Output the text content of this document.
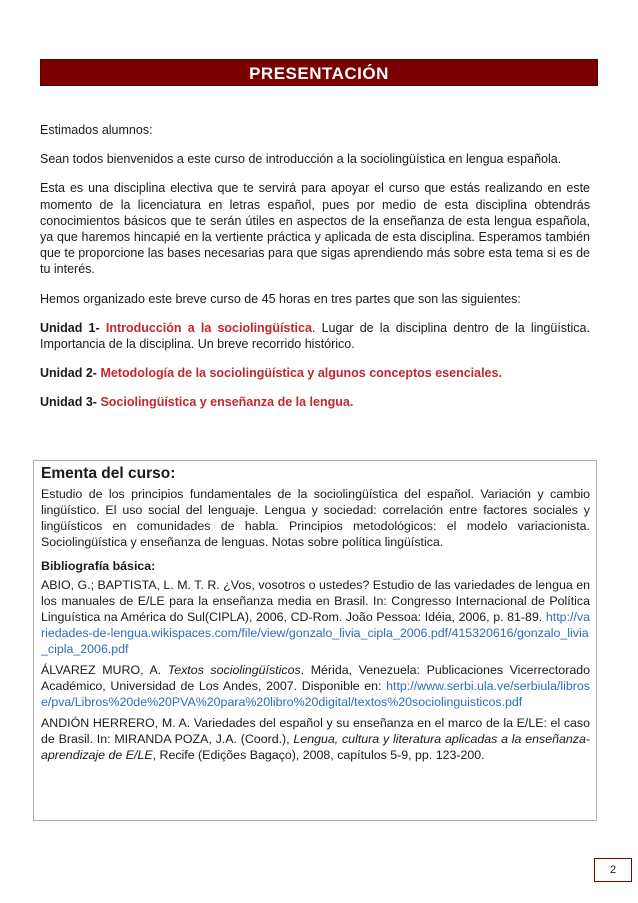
PRESENTACIÓN

Estimados alumnos:

Sean todos bienvenidos a este curso de introducción a la sociolingüística en lengua española.

Esta es una disciplina electiva que te servirá para apoyar el curso que estás realizando en este momento de la licenciatura en letras español, pues por medio de esta disciplina obtendrás conocimientos básicos que te serán útiles en aspectos de la enseñanza de esta lengua española, ya que haremos hincapié en la vertiente práctica y aplicada de esta disciplina. Esperamos también que te proporcione las bases necesarias para que sigas aprendiendo más sobre esta tema si es de tu interés.

Hemos organizado este breve curso de 45 horas en tres partes que son las siguientes:

Unidad 1- Introducción a la sociolingüística. Lugar de la disciplina dentro de la lingüística. Importancia de la disciplina. Un breve recorrido histórico.

Unidad 2- Metodología de la sociolingüística y algunos conceptos esenciales.

Unidad 3- Sociolingüística y enseñanza de la lengua.

Ementa del curso:

Estudio de los principios fundamentales de la sociolingüística del español. Variación y cambio lingüístico. El uso social del lenguaje. Lengua y sociedad: correlación entre factores sociales y lingüísticos en comunidades de habla. Principios metodológicos: el modelo variacionista. Sociolingüística y enseñanza de lenguas. Notas sobre política lingüística.

Bibliografía básica:

ABIO, G.; BAPTISTA, L. M. T. R. ¿Vos, vosotros o ustedes? Estudio de las variedades de lengua en los manuales de E/LE para la enseñanza media en Brasil. In: Congresso Internacional de Política Linguística na América do Sul(CIPLA), 2006, CD-Rom. João Pessoa: Idéia, 2006, p. 81-89. http://variedades-de-lengua.wikispaces.com/file/view/gonzalo_livia_cipla_2006.pdf/415320616/gonzalo_livia_cipla_2006.pdf

ÁLVAREZ MURO, A. Textos sociolingüísticos. Mérida, Venezuela: Publicaciones Vicerrectorado Académico, Universidad de Los Andes, 2007. Disponible en: http://www.serbi.ula.ve/serbiula/librose/pva/Libros%20de%20PVA%20para%20libro%20digital/textos%20sociolinguisticos.pdf

ANDIÓN HERRERO, M. A. Variedades del español y su enseñanza en el marco de la E/LE: el caso de Brasil. In: MIRANDA POZA, J.A. (Coord.), Lengua, cultura y literatura aplicadas a la enseñanza-aprendizaje de E/LE, Recife (Edições Bagaço), 2008, capítulos 5-9, pp. 123-200.

2
